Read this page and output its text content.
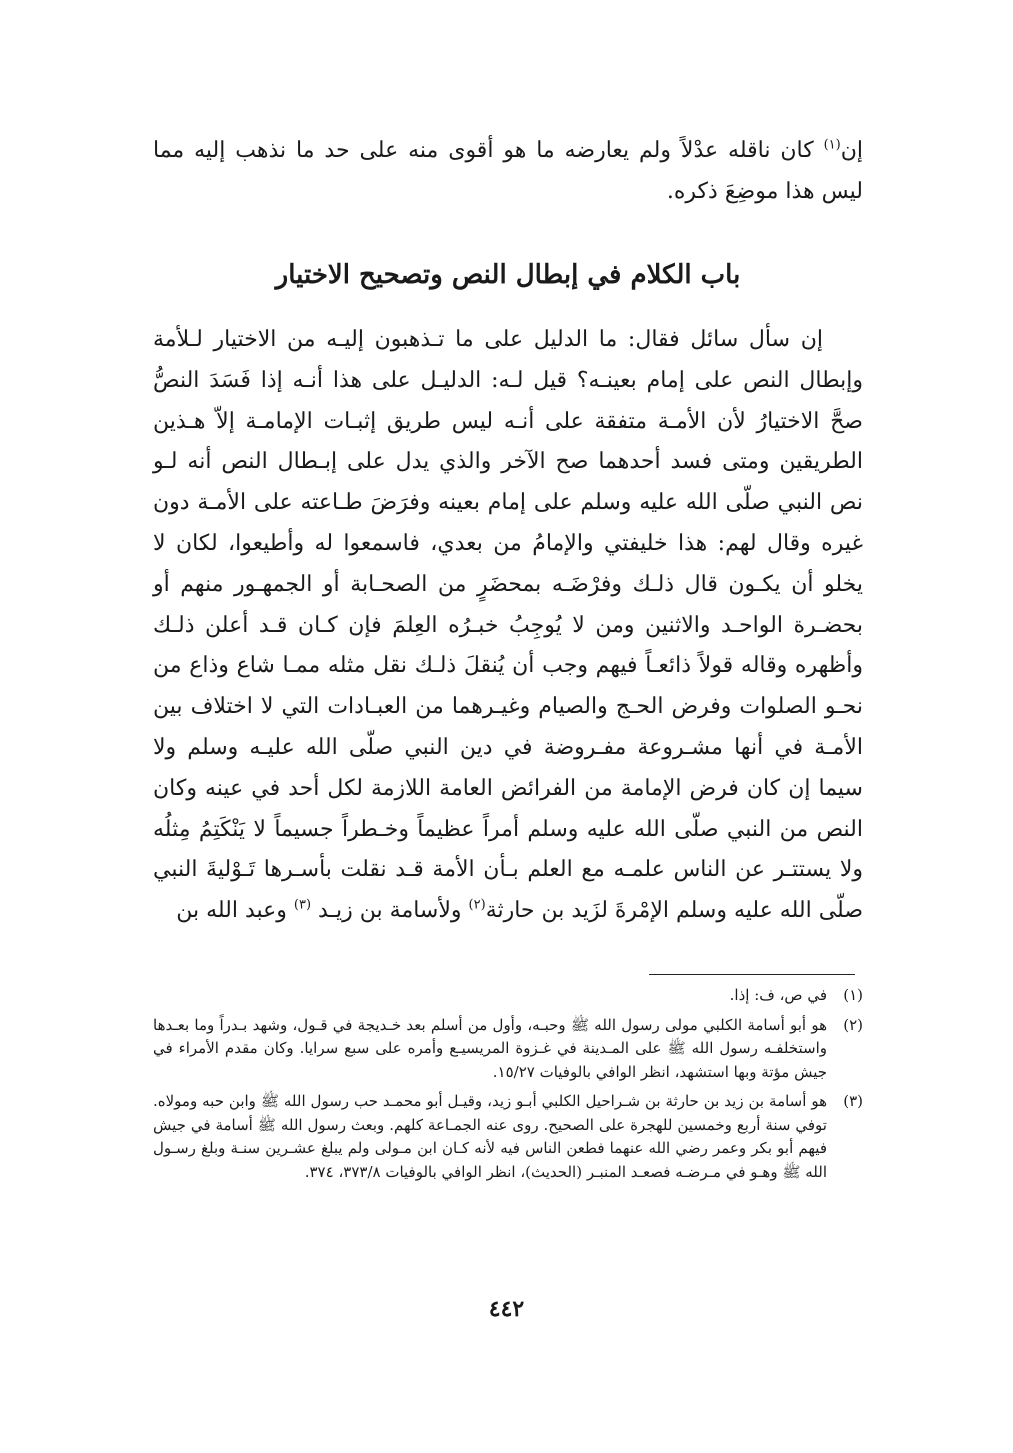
إن$^{(١)}$ كان ناقله عدْلاً ولم يعارضه ما هو أقوى منه على حد ما نذهب إليه مما ليس هذا موضِعَ ذكره.

باب الكلام في إبطال النص وتصحيح الاختيار

إن سأل سائل فقال: ما الدليل على ما تـذهبون إليـه من الاختيار لـلأمة وإبطال النص على إمام بعينـه؟ قيل لـه: الدليـل على هذا أنـه إذا فَسَدَ النصُّ صحَّ الاختيارُ لأن الأمـة متفقة على أنـه ليس طريق إثبـات الإمامـة إلاّ هـذين الطريقين ومتى فسد أحدهما صح الآخر والذي يدل على إبـطال النص أنه لـو نص النبي صلّى الله عليه وسلم على إمام بعينه وفرَضَ طـاعته على الأمـة دون غيره وقال لهم: هذا خليفتي والإمامُ من بعدي، فاسمعوا له وأطيعوا، لكان لا يخلو أن يكـون قال ذلـك وفرْضَـه بمحضَرٍ من الصحـابة أو الجمهـور منهم أو بحضـرة الواحـد والاثنين ومن لا يُوجِبُ خبـرُه العِلمَ فإن كـان قـد أعلن ذلـك وأظهره وقاله قولاً ذائعـاً فيهم وجب أن يُنقلَ ذلـك نقل مثله ممـا شاع وذاع من نحـو الصلوات وفرض الحـج والصيام وغيـرهما من العبـادات التي لا اختلاف بين الأمـة في أنها مشـروعة مفـروضة في دين النبي صلّى الله عليـه وسلم ولا سيما إن كان فرض الإمامة من الفرائض العامة اللازمة لكل أحد في عينه وكان النص من النبي صلّى الله عليه وسلم أمراً عظيماً وخـطراً جسيماً لا يَنْكَتِمُ مِثلُه ولا يستتـر عن الناس علمـه مع العلم بـأن الأمة قـد نقلت بأسـرها تَـوْليةَ النبي صلّى الله عليه وسلم الإمْرةَ لزَيد بن حارثة$^{(٢)}$ ولأسامة بن زيـد $^{(٣)}$ وعبد الله بن

(١)
في ص، ف: إذا.

(٢)
هو أبو أسامة الكلبي مولى رسول الله ﷺ وحبـه، وأول من أسلم بعد خـديجة في قـول، وشهد بـدراً وما بعـدها واستخلفـه رسول الله ﷺ على المـدينة في غـزوة المريسيـع وأمره على سبع سرايا. وكان مقدم الأمراء في جيش مؤتة وبها استشهد، انظر الوافي بالوفيات ١٥/٢٧.

(٣)
هو أسامة بن زيد بن حارثة بن شـراحيل الكلبي أبـو زيد، وقيـل أبو محمـد حب رسول الله ﷺ وابن حبه ومولاه. توفي سنة أربع وخمسين للهجرة على الصحيح. روى عنه الجمـاعة كلهم. وبعث رسول الله ﷺ أسامة في جيش فيهم أبو بكر وعمر رضي الله عنهما فطعن الناس فيه لأنه كـان ابن مـولى ولم يبلغ عشـرين سنـة وبلغ رسـول الله ﷺ وهـو في مـرضـه فصعـد المنبـر (الحديث)، انظر الوافي بالوفيات ٣٧٣/٨، ٣٧٤.

٤٤٢
